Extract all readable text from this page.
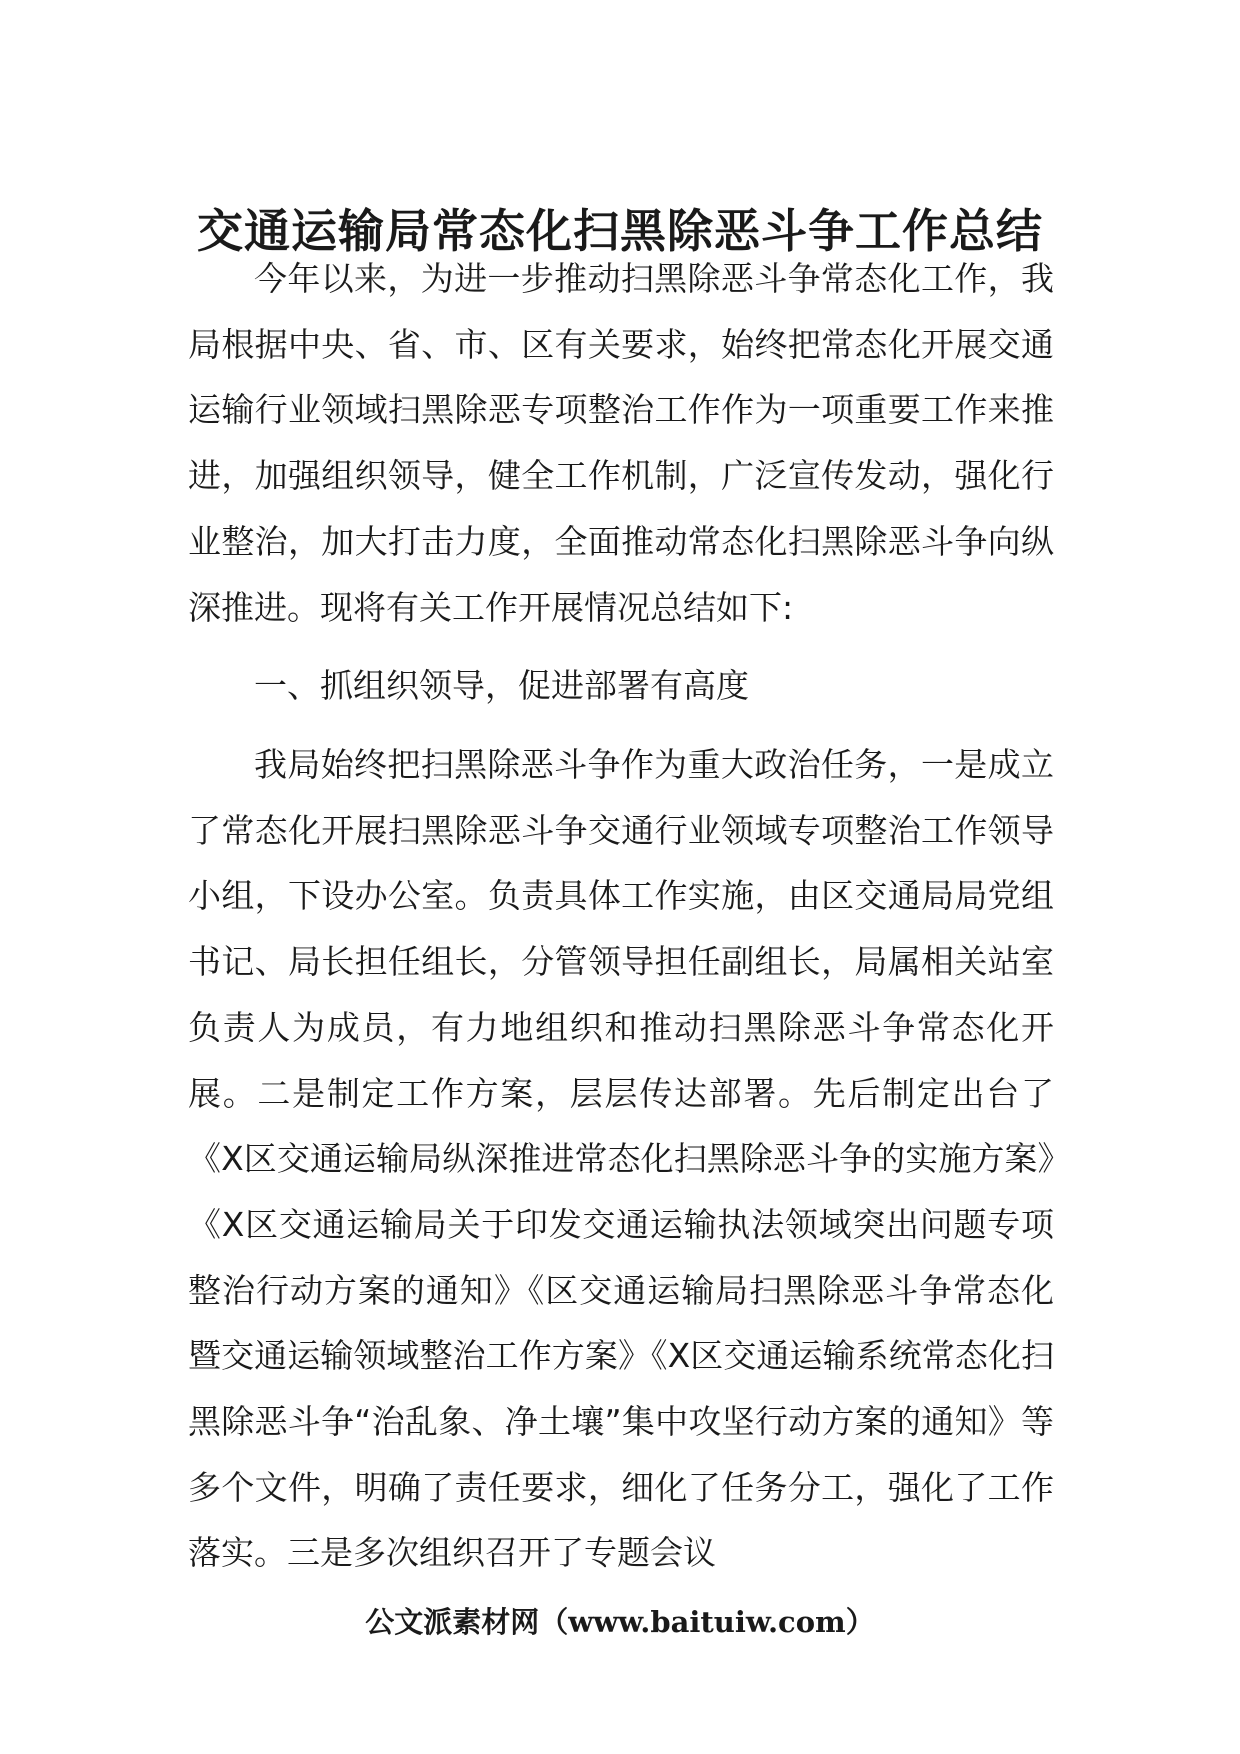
交通运输局常态化扫黑除恶斗争工作总结

今年以来，为进一步推动扫黑除恶斗争常态化工作，我局根据中央、省、市、区有关要求，始终把常态化开展交通运输行业领域扫黑除恶专项整治工作作为一项重要工作来推进，加强组织领导，健全工作机制，广泛宣传发动，强化行业整治，加大打击力度，全面推动常态化扫黑除恶斗争向纵深推进。现将有关工作开展情况总结如下:

一、抓组织领导，促进部署有高度

我局始终把扫黑除恶斗争作为重大政治任务，一是成立了常态化开展扫黑除恶斗争交通行业领域专项整治工作领导小组，下设办公室。负责具体工作实施，由区交通局局党组书记、局长担任组长，分管领导担任副组长，局属相关站室负责人为成员，有力地组织和推动扫黑除恶斗争常态化开展。二是制定工作方案，层层传达部署。先后制定出台了《X区交通运输局纵深推进常态化扫黑除恶斗争的实施方案》《X区交通运输局关于印发交通运输执法领域突出问题专项整治行动方案的通知》《区交通运输局扫黑除恶斗争常态化暨交通运输领域整治工作方案》《X区交通运输系统常态化扫黑除恶斗争“治乱象、净土壤”集中攻坚行动方案的通知》等多个文件，明确了责任要求，细化了任务分工，强化了工作落实。三是多次组织召开了专题会议

公文派素材网（www.baituiw.com）
